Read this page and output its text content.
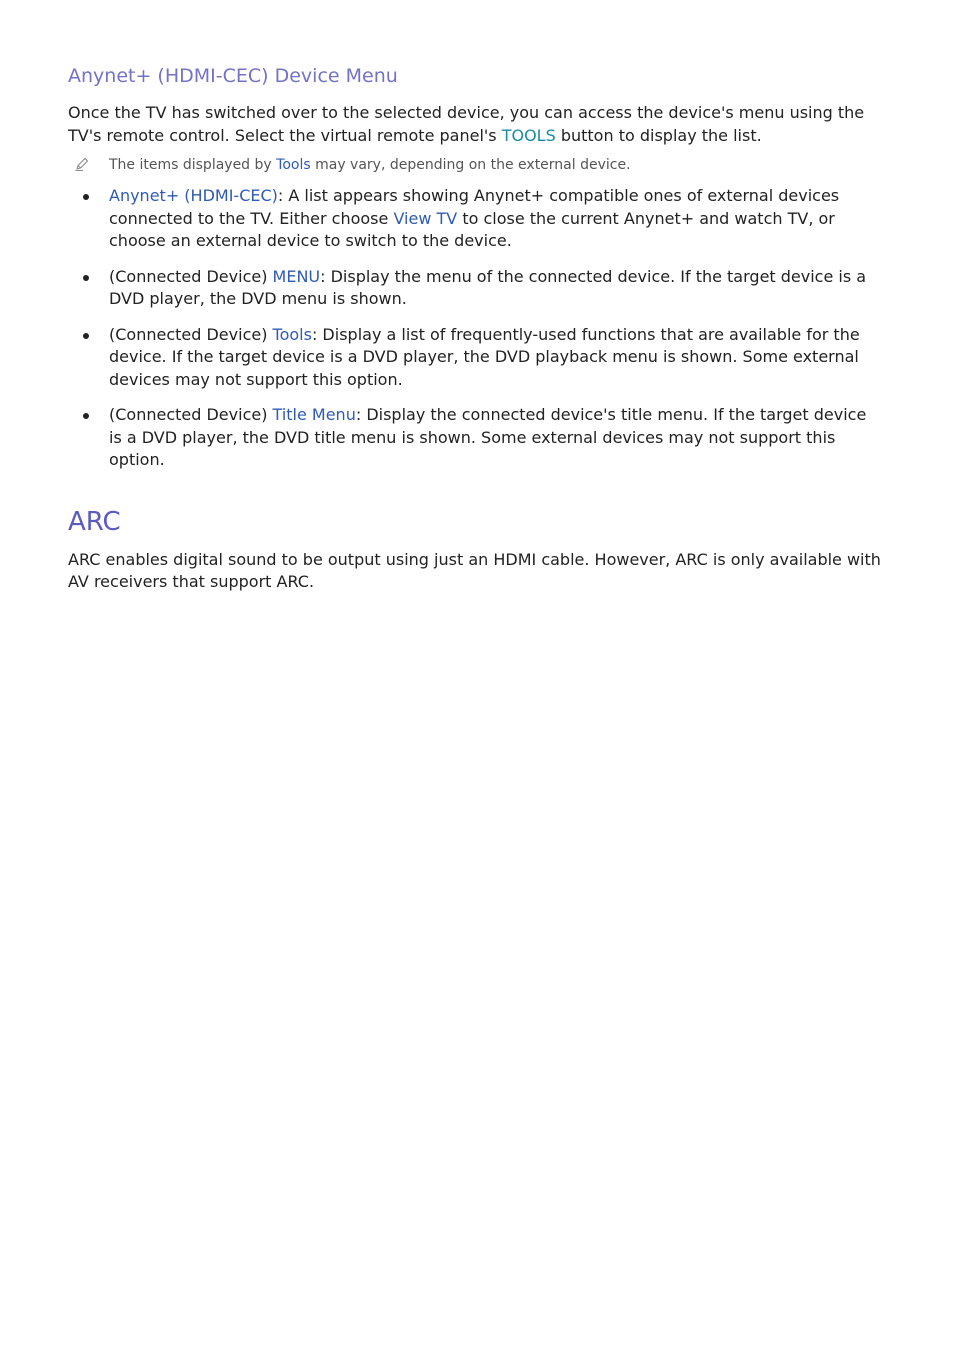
Anynet+ (HDMI-CEC) Device Menu

Once the TV has switched over to the selected device, you can access the device's menu using the TV's remote control. Select the virtual remote panel's TOOLS button to display the list.

The items displayed by Tools may vary, depending on the external device.

Anynet+ (HDMI-CEC): A list appears showing Anynet+ compatible ones of external devices connected to the TV. Either choose View TV to close the current Anynet+ and watch TV, or choose an external device to switch to the device.
(Connected Device) MENU: Display the menu of the connected device. If the target device is a DVD player, the DVD menu is shown.
(Connected Device) Tools: Display a list of frequently-used functions that are available for the device. If the target device is a DVD player, the DVD playback menu is shown. Some external devices may not support this option.
(Connected Device) Title Menu: Display the connected device's title menu. If the target device is a DVD player, the DVD title menu is shown. Some external devices may not support this option.
ARC

ARC enables digital sound to be output using just an HDMI cable. However, ARC is only available with AV receivers that support ARC.
